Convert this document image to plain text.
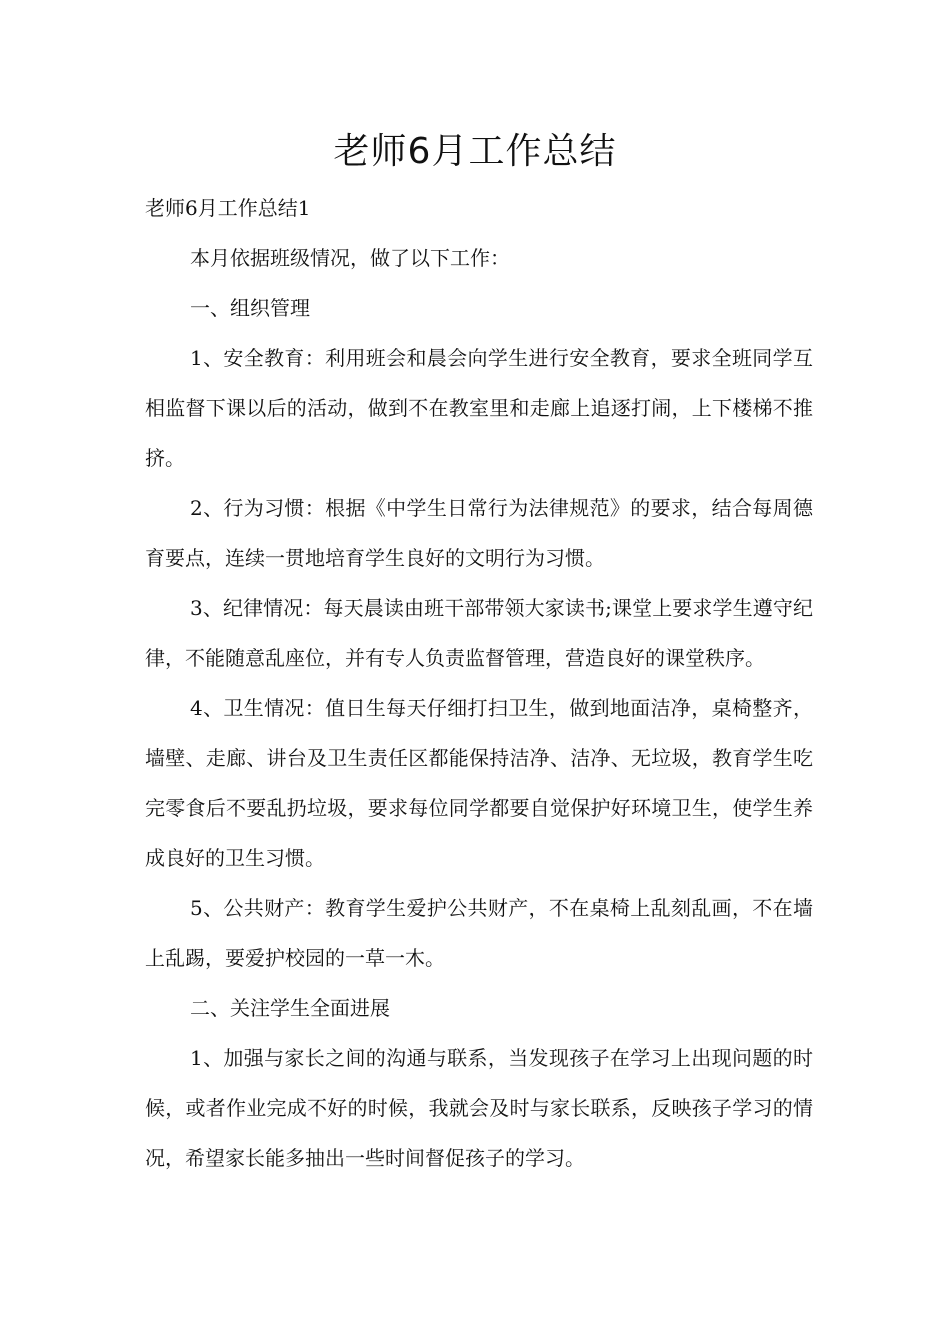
老师6月工作总结

老师6月工作总结1

本月依据班级情况，做了以下工作：

一、组织管理

1、安全教育：利用班会和晨会向学生进行安全教育，要求全班同学互相监督下课以后的活动，做到不在教室里和走廊上追逐打闹，上下楼梯不推挤。

2、行为习惯：根据《中学生日常行为法律规范》的要求，结合每周德育要点，连续一贯地培育学生良好的文明行为习惯。

3、纪律情况：每天晨读由班干部带领大家读书;课堂上要求学生遵守纪律，不能随意乱座位，并有专人负责监督管理，营造良好的课堂秩序。

4、卫生情况：值日生每天仔细打扫卫生，做到地面洁净，桌椅整齐，墙壁、走廊、讲台及卫生责任区都能保持洁净、洁净、无垃圾，教育学生吃完零食后不要乱扔垃圾，要求每位同学都要自觉保护好环境卫生，使学生养成良好的卫生习惯。

5、公共财产：教育学生爱护公共财产，不在桌椅上乱刻乱画，不在墙上乱踢，要爱护校园的一草一木。

二、关注学生全面进展

1、加强与家长之间的沟通与联系，当发现孩子在学习上出现问题的时候，或者作业完成不好的时候，我就会及时与家长联系，反映孩子学习的情况，希望家长能多抽出一些时间督促孩子的学习。
